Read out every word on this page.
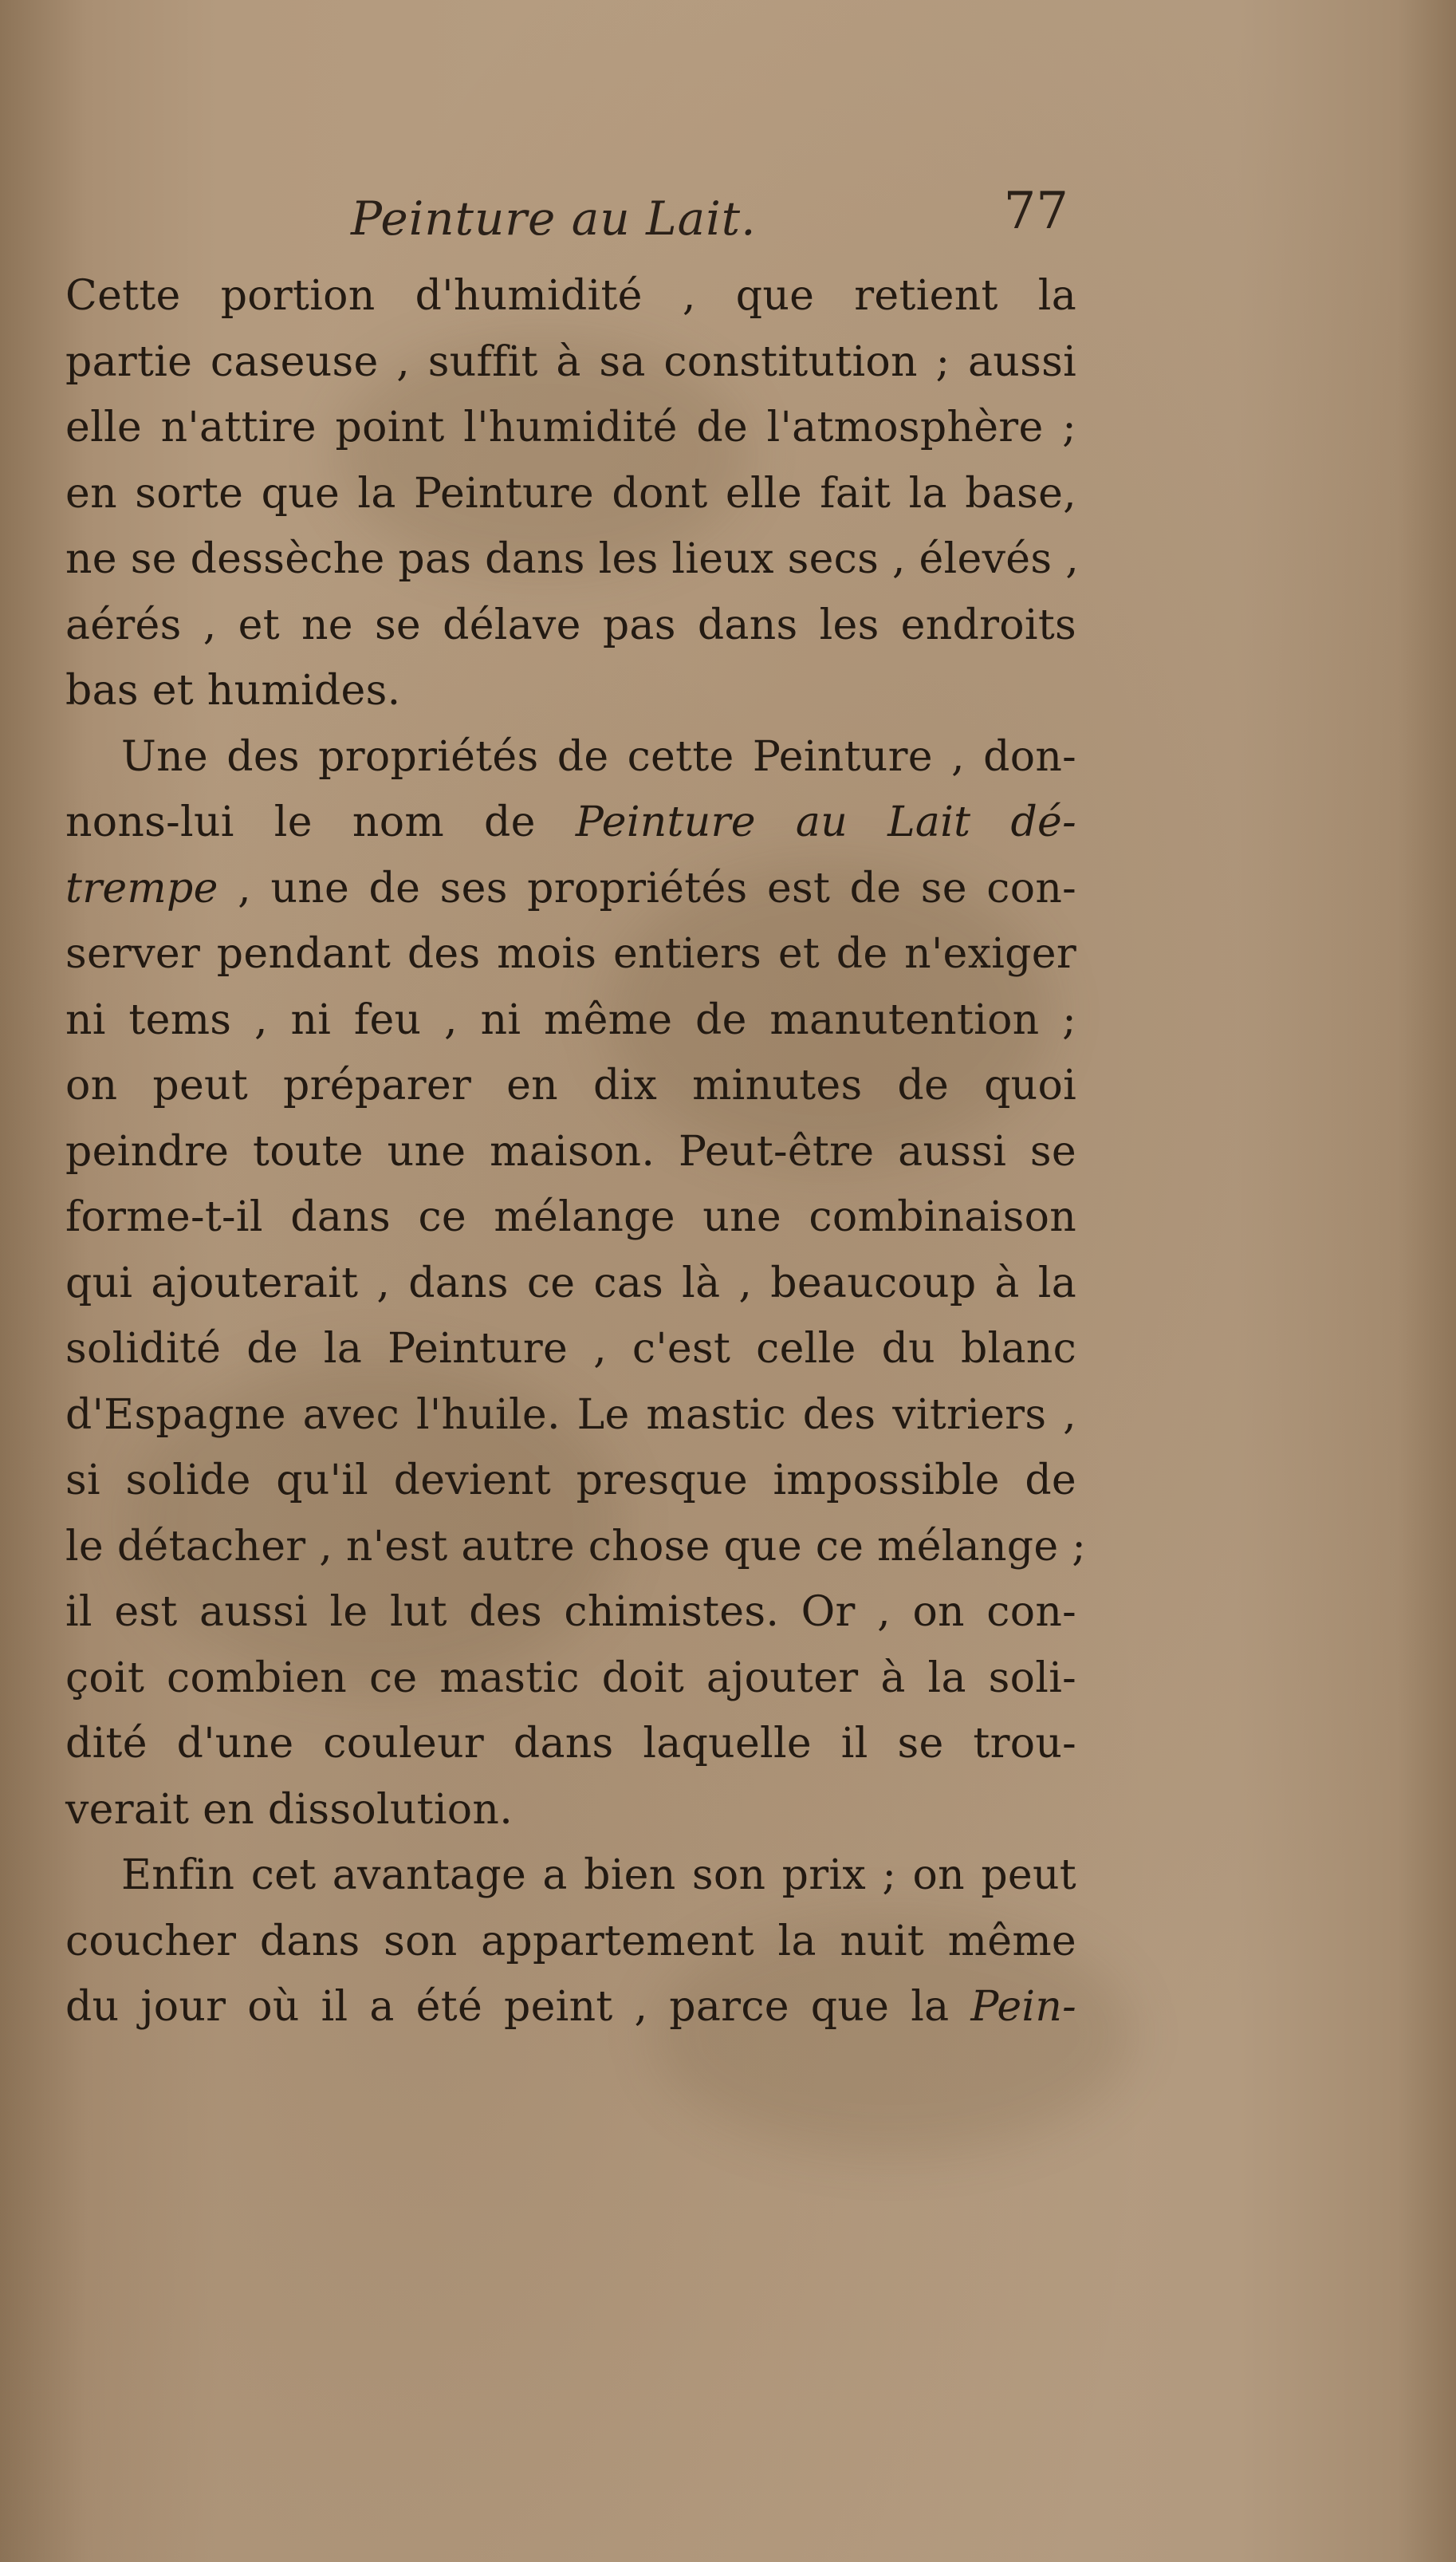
Peinture au Lait.	77
Cette portion d'humidité , que retient la
partie caseuse , suffit à sa constitution ; aussi
elle n'attire point l'humidité de l'atmosphère ;
en sorte que la Peinture dont elle fait la base,
ne se dessèche pas dans les lieux secs , élevés ,
aérés , et ne se délave pas dans les endroits
bas et humides.
Une des propriétés de cette Peinture , don-
nons-lui le nom de Peinture au Lait dé-
trempe , une de ses propriétés est de se con-
server pendant des mois entiers et de n'exiger
ni tems , ni feu , ni même de manutention ;
on peut préparer en dix minutes de quoi
peindre toute une maison. Peut-être aussi se
forme-t-il dans ce mélange une combinaison
qui ajouterait , dans ce cas là , beaucoup à la
solidité de la Peinture , c'est celle du blanc
d'Espagne avec l'huile. Le mastic des vitriers ,
si solide qu'il devient presque impossible de
le détacher , n'est autre chose que ce mélange ;
il est aussi le lut des chimistes. Or , on con-
çoit combien ce mastic doit ajouter à la soli-
dité d'une couleur dans laquelle il se trou-
verait en dissolution.
Enfin cet avantage a bien son prix ; on peut
coucher dans son appartement la nuit même
du jour où il a été peint , parce que la Pein-
